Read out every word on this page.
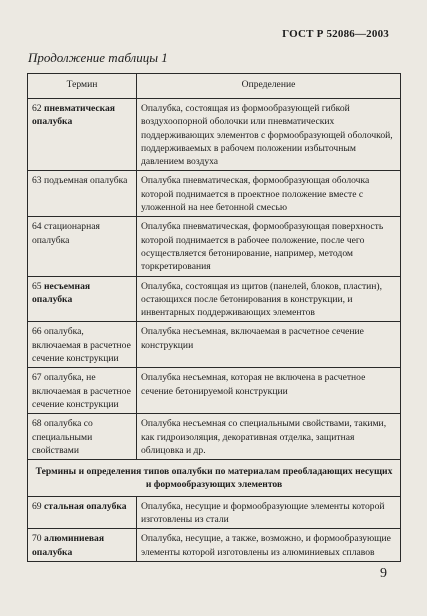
ГОСТ Р 52086—2003
Продолжение таблицы 1
Термин	Определение
62 пневматическая опалубка	Опалубка, состоящая из формообразующей гибкой воздухоопорной оболочки или пневматических поддерживающих элементов с формообразующей оболочкой, поддерживаемых в рабочем положении избыточным давлением воздуха
63 подъемная опалубка	Опалубка пневматическая, формообразующая оболочка которой поднимается в проектное положение вместе с уложенной на нее бетонной смесью
64 стационарная опалубка	Опалубка пневматическая, формообразующая поверхность которой поднимается в рабочее положение, после чего осуществляется бетонирование, например, методом торкретирования
65 несъемная опалубка	Опалубка, состоящая из щитов (панелей, блоков, пластин), остающихся после бетонирования в конструкции, и инвентарных поддерживающих элементов
66 опалубка, включаемая в расчетное сечение конструкции	Опалубка несъемная, включаемая в расчетное сечение конструкции
67 опалубка, не включаемая в расчетное сечение конструкции	Опалубка несъемная, которая не включена в расчетное сечение бетонируемой конструкции
68 опалубка со специальными свойствами	Опалубка несъемная со специальными свойствами, такими, как гидроизоляция, декоративная отделка, защитная облицовка и др.
Термины и определения типов опалубки по материалам преобладающих несущих и формообразующих элементов	
69 стальная опалубка	Опалубка, несущие и формообразующие элементы которой изготовлены из стали
70 алюминиевая опалубка	Опалубка, несущие, а также, возможно, и формообразующие элементы которой изготовлены из алюминиевых сплавов
9
